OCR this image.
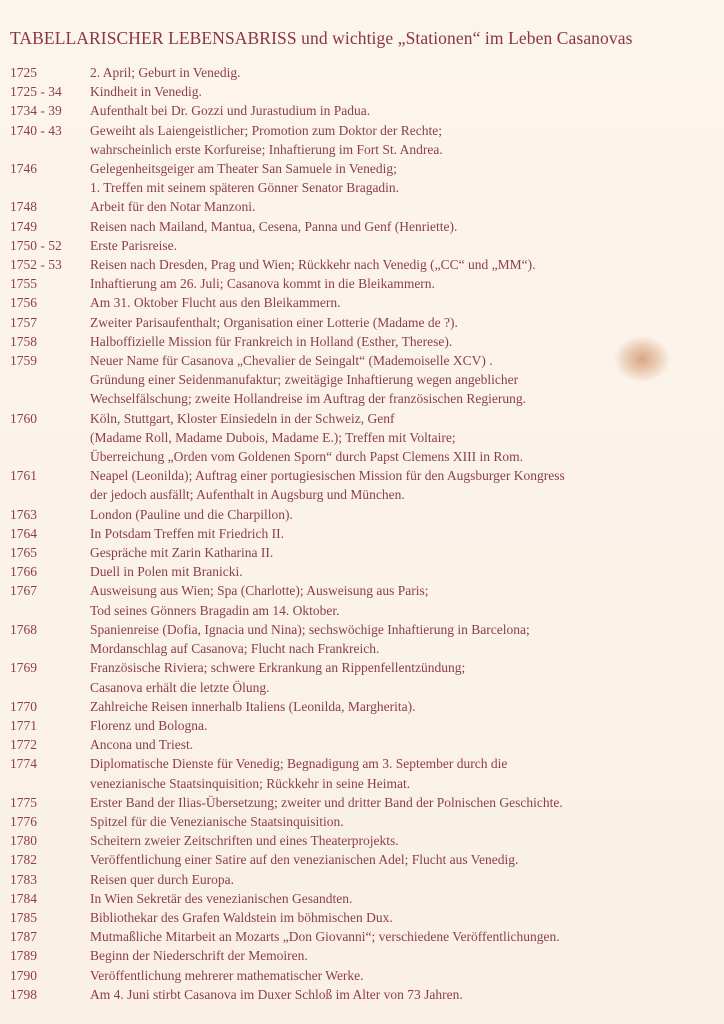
TABELLARISCHER LEBENSABRISS und wichtige „Stationen“ im Leben Casanovas
1725	2. April; Geburt in Venedig.
1725 - 34 Kindheit in Venedig.
1734 - 39 Aufenthalt bei Dr. Gozzi und Jurastudium in Padua.
1740 - 43 Geweiht als Laiengeistlicher; Promotion zum Doktor der Rechte;
wahrscheinlich erste Korfureise; Inhaftierung im Fort St. Andrea.
1746	Gelegenheitsgeiger am Theater San Samuele in Venedig;
1. Treffen mit seinem späteren Gönner Senator Bragadin.
1748	Arbeit für den Notar Manzoni.
1749	Reisen nach Mailand, Mantua, Cesena, Panna und Genf (Henriette).
1750 - 52 Erste Parisreise.
1752 - 53 Reisen nach Dresden, Prag und Wien; Rückkehr nach Venedig („CC“ und „MM“).
1755	Inhaftierung am 26. Juli; Casanova kommt in die Bleikammern.
1756	Am 31. Oktober Flucht aus den Bleikammern.
1757	Zweiter Parisaufenthalt; Organisation einer Lotterie (Madame de ?).
1758	Halboffizielle Mission für Frankreich in Holland (Esther, Therese).
1759	Neuer Name für Casanova „Chevalier de Seingalt“ (Mademoiselle XCV) .
Gründung einer Seidenmanufaktur; zweitägige Inhaftierung wegen angeblicher
Wechselfälschung; zweite Hollandreise im Auftrag der französischen Regierung.
1760	Köln, Stuttgart, Kloster Einsiedeln in der Schweiz, Genf
(Madame Roll, Madame Dubois, Madame E.); Treffen mit Voltaire;
Überreichung „Orden vom Goldenen Sporn“ durch Papst Clemens XIII in Rom.
1761	Neapel (Leonilda); Auftrag einer portugiesischen Mission für den Augsburger Kongress
der jedoch ausfällt; Aufenthalt in Augsburg und München.
1763	London (Pauline und die Charpillon).
1764	In Potsdam Treffen mit Friedrich II.
1765	Gespräche mit Zarin Katharina II.
1766	Duell in Polen mit Branicki.
1767	Ausweisung aus Wien; Spa (Charlotte); Ausweisung aus Paris;
Tod seines Gönners Bragadin am 14. Oktober.
1768	Spanienreise (Dofia, Ignacia und Nina); sechswöchige Inhaftierung in Barcelona;
Mordanschlag auf Casanova; Flucht nach Frankreich.
1769	Französische Riviera; schwere Erkrankung an Rippenfellentzündung;
Casanova erhält die letzte Ölung.
1770	Zahlreiche Reisen innerhalb Italiens (Leonilda, Margherita).
1771	Florenz und Bologna.
1772	Ancona und Triest.
1774	Diplomatische Dienste für Venedig; Begnadigung am 3. September durch die
venezianische Staatsinquisition; Rückkehr in seine Heimat.
1775	Erster Band der Ilias-Übersetzung; zweiter und dritter Band der Polnischen Geschichte.
1776	Spitzel für die Venezianische Staatsinquisition.
1780	Scheitern zweier Zeitschriften und eines Theaterprojekts.
1782	Veröffentlichung einer Satire auf den venezianischen Adel; Flucht aus Venedig.
1783	Reisen quer durch Europa.
1784	In Wien Sekretär des venezianischen Gesandten.
1785	Bibliothekar des Grafen Waldstein im böhmischen Dux.
1787	Mutmaßliche Mitarbeit an Mozarts „Don Giovanni“; verschiedene Veröffentlichungen.
1789	Beginn der Niederschrift der Memoiren.
1790	Veröffentlichung mehrerer mathematischer Werke.
1798	Am 4. Juni stirbt Casanova im Duxer Schloß im Alter von 73 Jahren.
